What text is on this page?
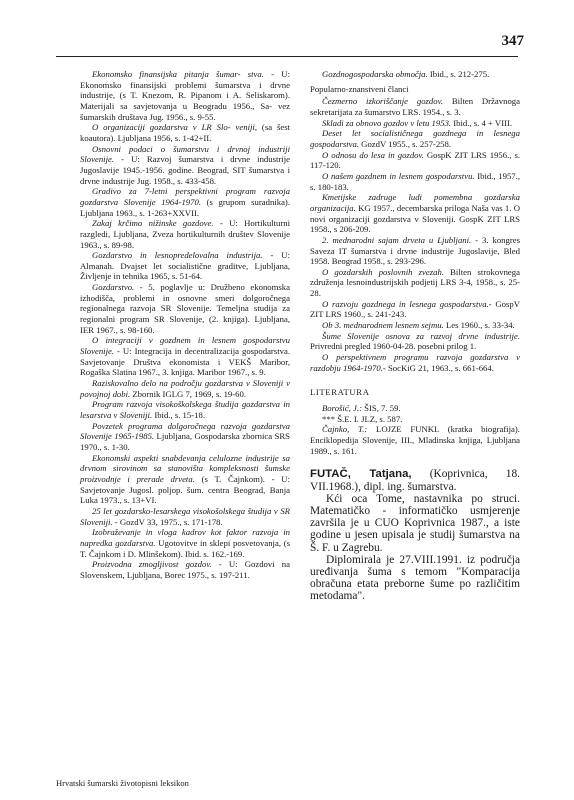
347

Ekonomsko finansijska pitanja šumar- stva. - U: Ekonomsko finansijski problemi šumarstva i drvne industrije, (s T. Knezom, R. Pipanom i A. Seliskarom). Materijali sa savjetovanja u Beogradu 1956., Sa- vez šumarskih društava Jug. 1956., s. 9-55.

O organizaciji gozdarstva v LR Slo- veniji, (sa šest koautora). Ljubljana 1956, s. 1-42+II.

Osnovni podaci o šumarstvu i drvnoj industriji Slovenije. - U: Razvoj šumarstva i drvne industrije Jugoslavije 1945.-1956. godine. Beograd, SIT šumarstva i drvne industrije Jug. 1958., s. 433-458.

Gradivo za 7-letni perspektivni program razvoja gozdarstva Slovenije 1964-1970. (s grupom suradnika). Ljubljana 1963., s. 1-263+XXVII.

Zakaj krčimo nižinske gozdove. - U: Hortikulturni razgledi, Ljubljana, Zveza hortikulturnih društev Slovenije 1963., s. 89-98.

Gozdarstvo in lesnopredelovalna industrija. - U: Almanah. Dvajset let socialistične graditve, Ljubljana, Življenje in tehnika 1965, s. 51-64.

Gozdarstvo. - 5. poglavlje u: Družbeno ekonomska izhodišča, problemi in osnovne smeri dolgoročnega regionalnega razvoja SR Slovenije. Temeljna studija za regionalni program SR Slovenije, (2. knjiga). Ljubljana, IER 1967., s. 98-160.

O integraciji v gozdnem in lesnem gospodarstvu Slovenije. - U: Integracija in decentralizacija gospodarstva. Savjetovanje Društva ekonomista i VEKŠ Maribor, Rogaška Slatina 1967., 3. knjiga. Maribor 1967., s. 9.

Raziskovalno delo na področju gozdarstva v Sloveniji v povojnoj dobi. Zbornik IGLG 7, 1969, s. 19-60.

Program razvoja visokoškolskega študija gozdarstva in lesarstva v Sloveniji. Ibid., s. 15-18.

Povzetek programa dolgoročnega razvoja gozdarstva Slovenije 1965-1985. Ljubljana, Gospodarska zbornica SRS 1970., s. 1-30.

Ekonomski aspekti snabdevanja celulozne industrije sa drvnom sirovinom sa stanovišta kompleksnosti šumske proizvodnje i prerade drveta. (s T. Čajnkom). - U: Savjetovanje Jugosl. poljop. šum. centra Beograd, Banja Luka 1973., s. 13+VI.

25 let gozdarsko-lesarskega visokošolskega študija v SR Sloveniji. - GozdV 33, 1975., s. 171-178.

Izobraževanje in vloga kadrov kot faktor razvoja in napredka gozdarstva. Ugotovitve in sklepi posvetovanja, (s T. Čajnkom i D. Mlinšekom). Ibid. s. 162.-169.

Proizvodna zmogljivost gozdov. - U: Gozdovi na Slovenskem, Ljubljana, Borec 1975., s. 197-211.

Gozdnogospodarska območja. Ibid., s. 212-275.

Popularno-znanstveni članci

Čezmerno izkoriščanje gozdov. Bilten Državnoga sekretarijata za šumarstvo LRS. 1954., s. 3.

Skladi za obnovo gozdov v letu 1953. Ibid., s. 4 + VIII.

Deset let socialističnega gozdnega in lesnega gospodarstva. GozdV 1955., s. 257-258.

O odnosu do lesa in gozdov. GospK ZIT LRS 1956., s. 117-120.

O našem gozdnem in lesnem gospodarstvu. Ibid., 1957., s. 180-183.

Kmetijske zadruge ludi pomembna gozdarska organizacija. KG 1957., decembarska priloga Naša vas 1. O novi organizaciji gozdarstva v Sloveniji. GospK ZIT LRS 1958., s 206-209.

2. mednarodni sajam drveta u Ljubljani. - 3. kongres Saveza IT šumarstva i drvne industrije Jugoslavije, Bled 1958. Beograd 1958., s. 293-296.

O gozdarskih poslovnih zvezah. Bilten strokovnega združenja lesnoindustrijskih podjetij LRS 3-4, 1958., s. 25-28.

O razvoju gozdnega in lesnega gospodarstva.- GospV ZIT LRS 1960., s. 241-243.

Ob 3. mednarodnem lesnem sejmu. Les 1960., s. 33-34.

Šume Slovenije osnova za razvoj drvne industrije. Privredni pregled 1960-04-28. posebni prilog 1.

O perspektivnem programu razvoja gozdarstva v razdobju 1964-1970.- SocKiG 21, 1963., s. 661-664.

LITERATURA

Borošić, J.: ŠIS, 7. 59.

*** Š.E. I. JLZ, s. 587.

Čajnko, T.: LOJZE FUNKL (kratka biografija). Enciklopedija Slovenije, III., Mladinska knjiga, Ljubljana 1989., s. 161.

FUTAČ, Tatjana, (Koprivnica, 18. VII.1968.), dipl. ing. šumarstva.

Kći oca Tome, nastavnika po struci. Matematičko - informatičko usmjerenje završila je u CUO Koprivnica 1987., a iste godine u jesen upisala je studij šumarstva na Š. F. u Zagrebu.

Diplomirala je 27.VIII.1991. iz područja uređivanja šuma s temom "Komparacija obračuna etata preborne šume po različitim metodama".

Hrvatski šumarski životopisni leksikon
